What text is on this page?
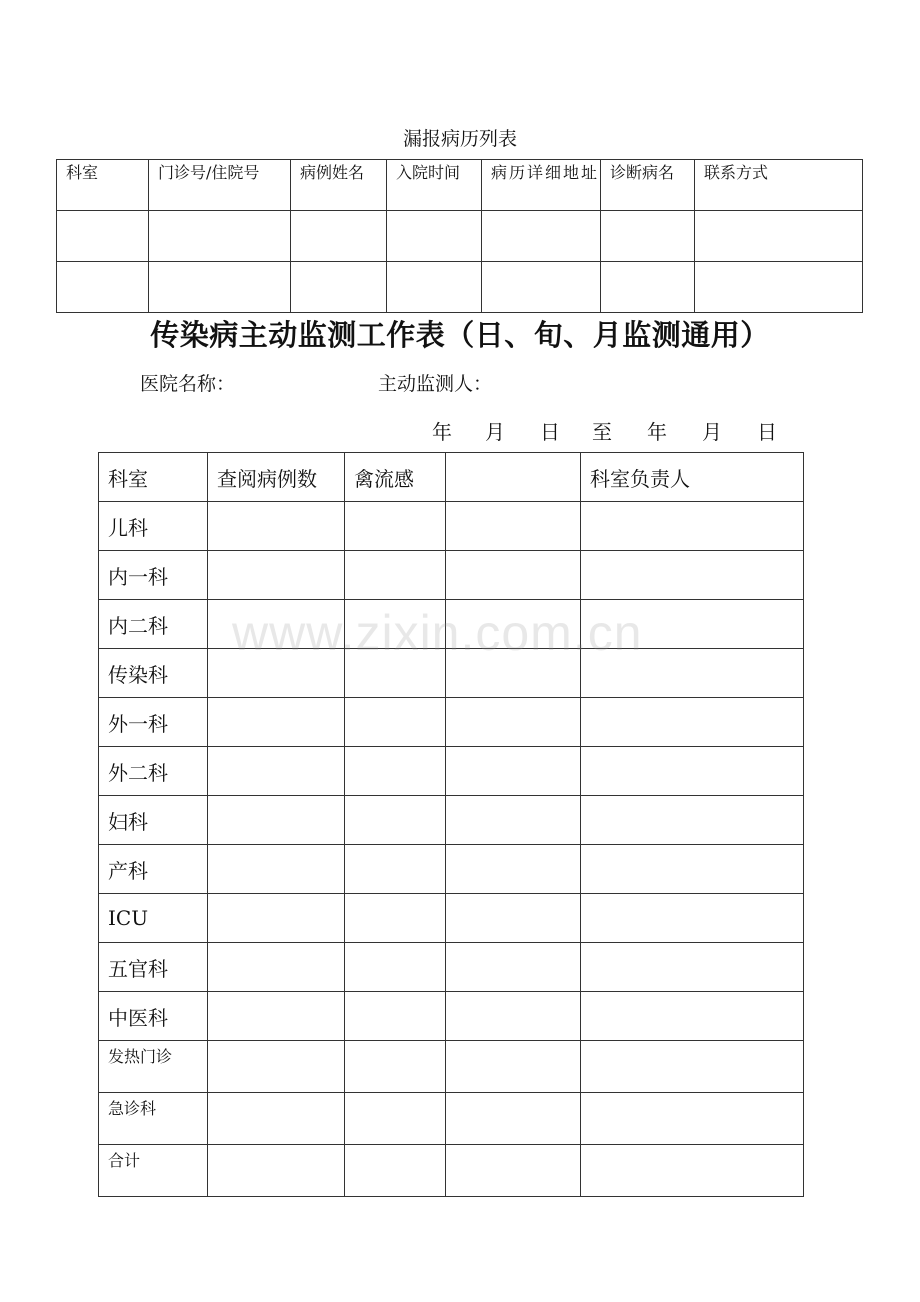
漏报病历列表
科室	门诊号/住院号	病例姓名	入院时间	病历详细地址	诊断病名	联系方式

传染病主动监测工作表（日、旬、月监测通用）
医院名称：	主动监测人：
年 月 日 至 年 月 日
科室	查阅病例数	禽流感		科室负责人
儿科				
内一科				
内二科				
传染科				
外一科				
外二科				
妇科				
产科				
ICU				
五官科				
中医科				
发热门诊				
急诊科				
合计				
www.zixin.com.cn
